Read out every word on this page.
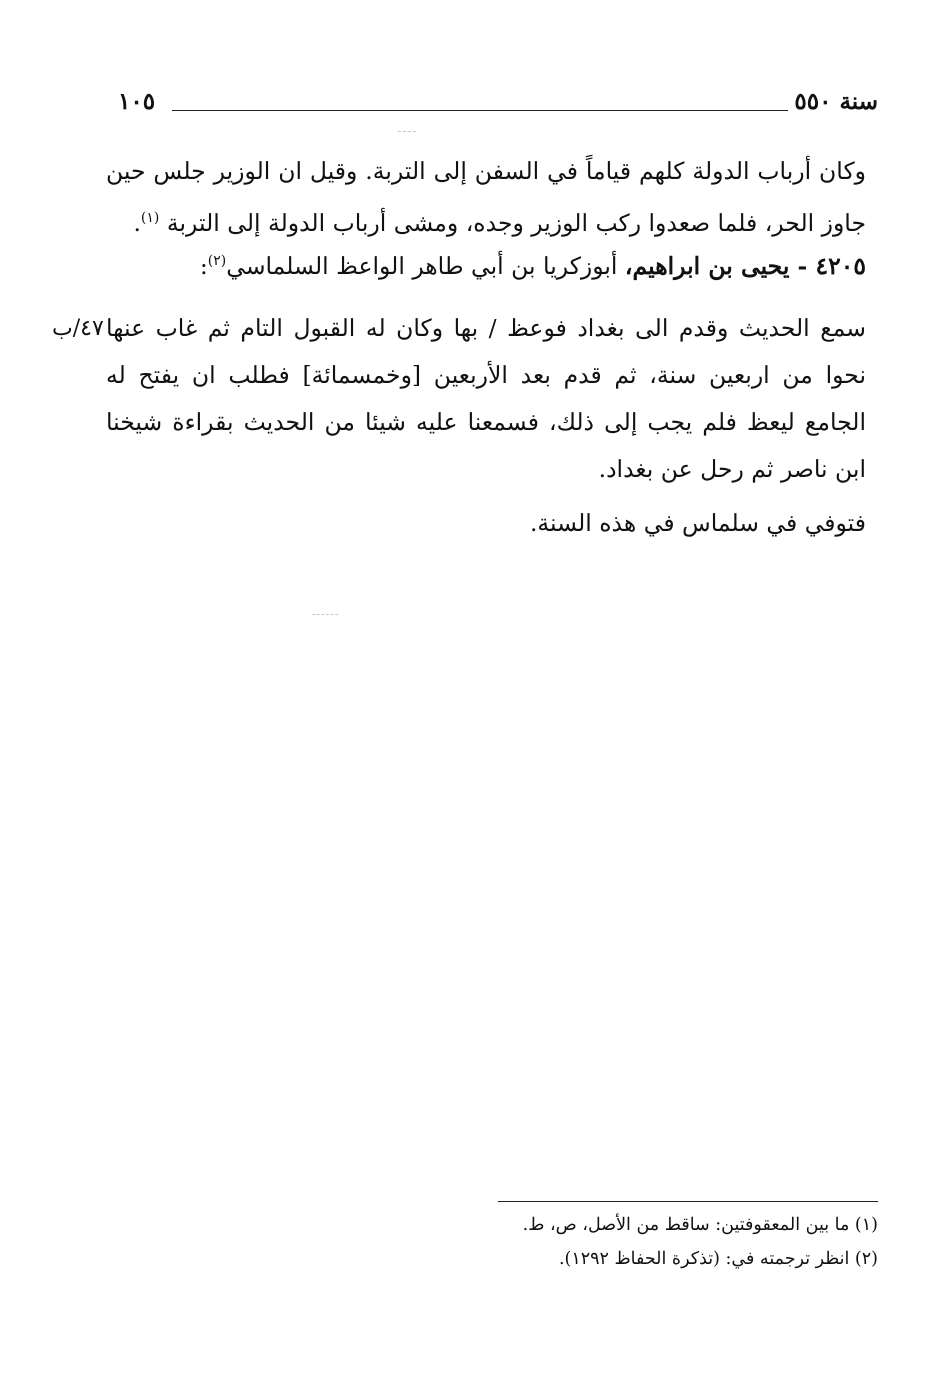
سنة ٥٥٠
١٠٥
وكان أرباب الدولة كلهم قياماً في السفن إلى التربة. وقيل ان الوزير جلس حين جاوز الحر، فلما صعدوا ركب الوزير وجده، ومشى أرباب الدولة إلى التربة $^{(١)}$.
٤٢٠٥ - يحيى بن ابراهيم، أبوزكريا بن أبي طاهر الواعظ السلماسي$^{(٢)}$:
٤٧/ب سمع الحديث وقدم الى بغداد فوعظ / بها وكان له القبول التام ثم غاب عنها نحوا من اربعين سنة، ثم قدم بعد الأربعين [وخمسمائة] فطلب ان يفتح له الجامع ليعظ فلم يجب إلى ذلك، فسمعنا عليه شيئا من الحديث بقراءة شيخنا ابن ناصر ثم رحل عن بغداد.
فتوفي في سلماس في هذه السنة.
(١) ما بين المعقوفتين: ساقط من الأصل، ص، ط.
(٢) انظر ترجمته في: (تذكرة الحفاظ ١٢٩٢).
